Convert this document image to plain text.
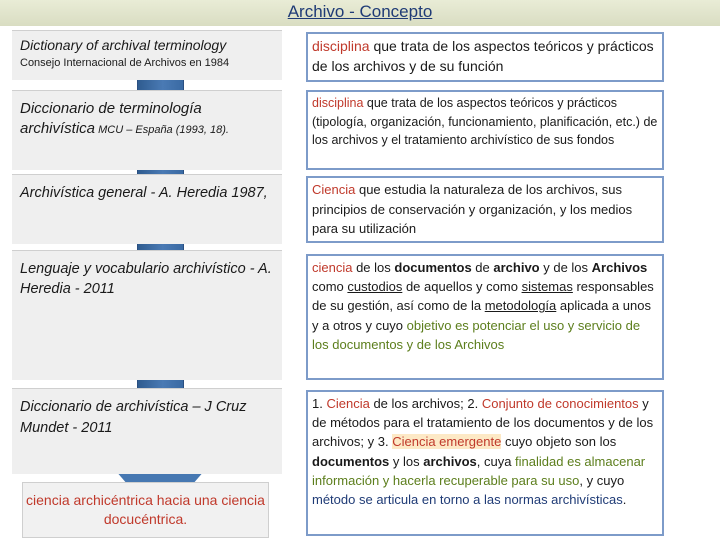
Archivo - Concepto
Dictionary of archival terminology
Consejo Internacional de Archivos en 1984
disciplina que trata de los aspectos teóricos y prácticos de los archivos y de su función
Diccionario de terminología archivística MCU – España (1993, 18).
disciplina que trata de los aspectos teóricos y prácticos (tipología, organización, funcionamiento, planificación, etc.) de los archivos y el tratamiento archivístico de sus fondos
Archivística general - A. Heredia 1987,	Ciencia que estudia la naturaleza de los archivos, sus principios de conservación y organización, y los medios para su utilización
Lenguaje y vocabulario archivístico - A. Heredia - 2011
ciencia de los documentos de archivo y de los Archivos como custodios de aquellos y como sistemas responsables de su gestión, así como de la metodología aplicada a unos y a otros y cuyo objetivo es potenciar el uso y servicio de los documentos y de los Archivos
Diccionario de archivística – J Cruz Mundet - 2011
1. Ciencia de los archivos; 2. Conjunto de conocimientos y de métodos para el tratamiento de los documentos y de los archivos; y 3. Ciencia emergente cuyo objeto son los documentos y los archivos, cuya finalidad es almacenar información y hacerla recuperable para su uso, y cuyo método se articula en torno a las normas archivísticas.
ciencia archicéntrica hacia una ciencia docucéntrica.
